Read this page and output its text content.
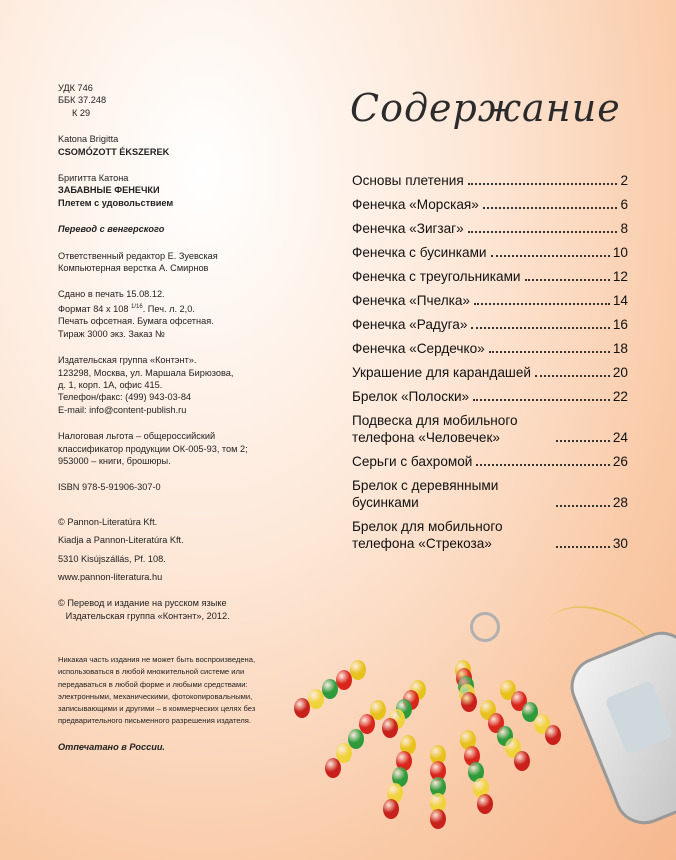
УДК 746

ББК 37.248

К 29

Katona Brigitta

CSOMÓZOTT ÉKSZEREK

Бригитта Катона

ЗАБАВНЫЕ ФЕНЕЧКИ

Плетем с удовольствием

Перевод с венгерского

Ответственный редактор Е. Зуевская

Компьютерная верстка А. Смирнов

Сдано в печать 15.08.12.

Формат 84 х 108 $^{1/16}$. Печ. л. 2,0.

Печать офсетная. Бумага офсетная.

Тираж 3000 экз. Заказ №

Издательская группа «Контэнт».

123298, Москва, ул. Маршала Бирюзова,

д. 1, корп. 1А, офис 415.

Телефон/факс: (499) 943-03-84

E-mail: info@content-publish.ru

Налоговая льгота – общероссийский

классификатор продукции ОК-005-93, том 2;

953000 – книги, брошюры.

ISBN 978-5-91906-307-0

© Pannon-Literatúra Kft.

Kiadja a Pannon-Literatúra Kft.

5310 Kisújszállás, Pf. 108.

www.pannon-literatura.hu

© Перевод и издание на русском языке

Издательская группа «Контэнт», 2012.

Никакая часть издания не может быть воспроизведена,

использоваться в любой множительной системе или

передаваться в любой форме и любыми средствами:

электронными, механическими, фотокопировальными,

записывающими и другими – в коммерческих целях без

предварительного письменного разрешения издателя.

Отпечатано в России.

Содержание
Основы плетения	2
Фенечка «Морская»	6
Фенечка «Зигзаг»	8
Фенечка с бусинками	10
Фенечка с треугольниками	12
Фенечка «Пчелка»	14
Фенечка «Радуга»	16
Фенечка «Сердечко»	18
Украшение для карандашей	20
Брелок «Полоски»	22
Подвеска для мобильного телефона «Человечек»	24
Серьги с бахромой	26
Брелок с деревянными бусинками	28
Брелок для мобильного телефона «Стрекоза»	30
